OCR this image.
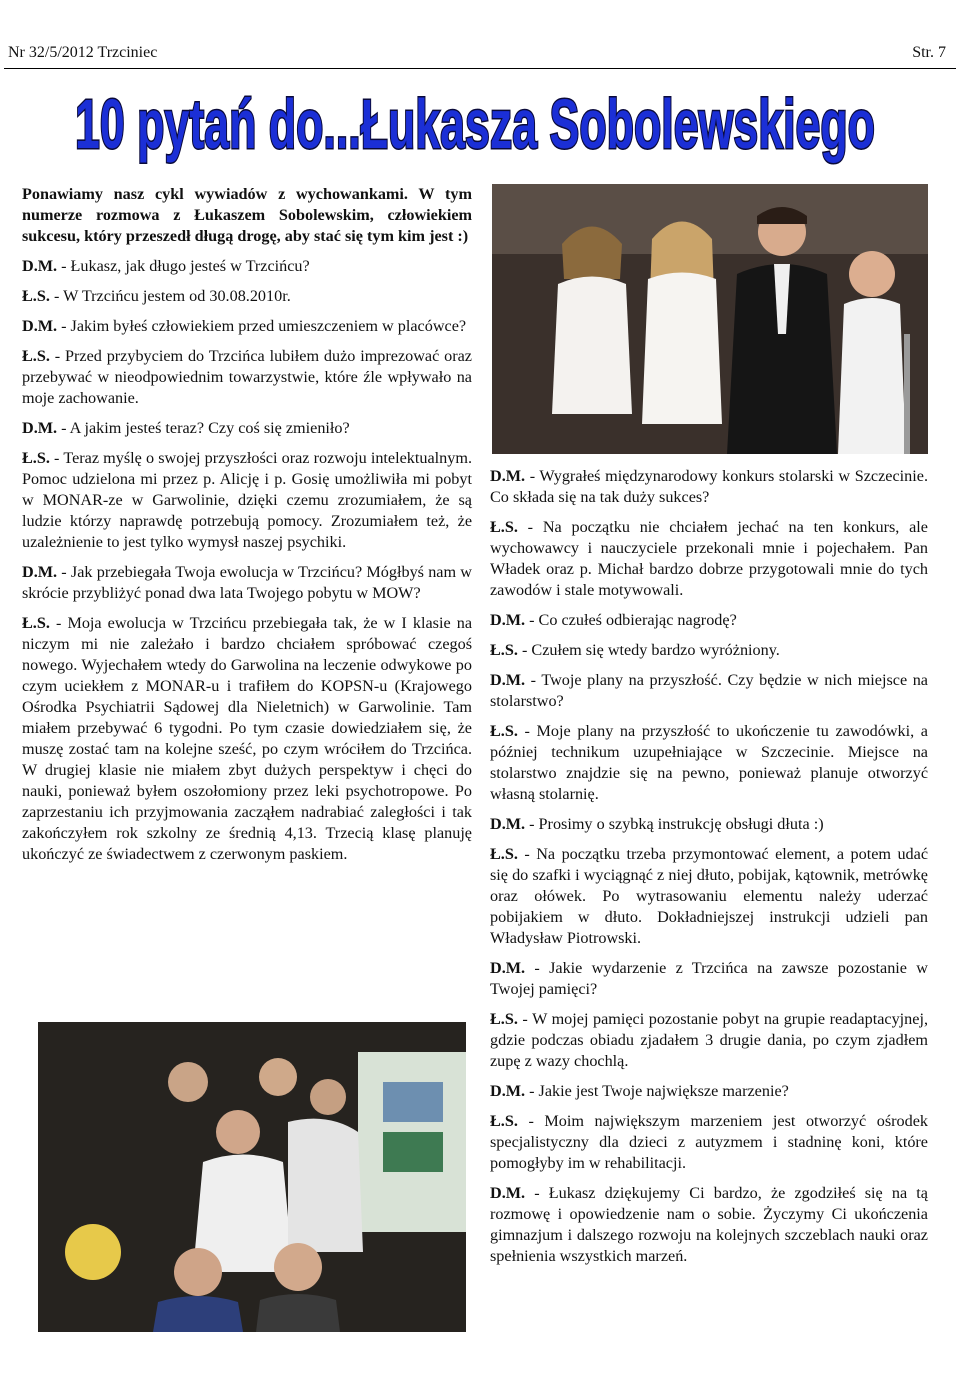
Nr 32/5/2012 Trzciniec	Str. 7
10 pytań do...Łukasza Sobolewskiego

Ponawiamy nasz cykl wywiadów z wychowankami. W tym numerze rozmowa z Łukaszem Sobolewskim, człowiekiem sukcesu, który przeszedł długą drogę, aby stać się tym kim jest :)

D.M. - Łukasz, jak długo jesteś w Trzcińcu?

Ł.S. - W Trzcińcu jestem od 30.08.2010r.

D.M. - Jakim byłeś człowiekiem przed umieszczeniem w placówce?

Ł.S. - Przed przybyciem do Trzcińca lubiłem dużo imprezować oraz przebywać w nieodpowiednim towarzystwie, które źle wpływało na moje zachowanie.

D.M. - A jakim jesteś teraz? Czy coś się zmieniło?

Ł.S. - Teraz myślę o swojej przyszłości oraz rozwoju intelektualnym. Pomoc udzielona mi przez p. Alicję i p. Gosię umożliwiła mi pobyt w MONAR-ze w Garwolinie, dzięki czemu zrozumiałem, że są ludzie którzy naprawdę potrzebują pomocy. Zrozumiałem też, że uzależnienie to jest tylko wymysł naszej psychiki.

D.M. - Jak przebiegała Twoja ewolucja w Trzcińcu? Mógłbyś nam w skrócie przybliżyć ponad dwa lata Twojego pobytu w MOW?

Ł.S. - Moja ewolucja w Trzcińcu przebiegała tak, że w I klasie na niczym mi nie zależało i bardzo chciałem spróbować czegoś nowego. Wyjechałem wtedy do Garwolina na leczenie odwykowe po czym uciekłem z MONAR-u i trafiłem do KOPSN-u (Krajowego Ośrodka Psychiatrii Sądowej dla Nieletnich) w Garwolinie. Tam miałem przebywać 6 tygodni. Po tym czasie dowiedziałem się, że muszę zostać tam na kolejne sześć, po czym wróciłem do Trzcińca. W drugiej klasie nie miałem zbyt dużych perspektyw i chęci do nauki, ponieważ byłem oszołomiony przez leki psychotropowe. Po zaprzestaniu ich przyjmowania zacząłem nadrabiać zaległości i tak zakończyłem rok szkolny ze średnią 4,13. Trzecią klasę planuję ukończyć ze świadectwem z czerwonym paskiem.

D.M. - Wygrałeś międzynarodowy konkurs stolarski w Szczecinie. Co składa się na tak duży sukces?

Ł.S. - Na początku nie chciałem jechać na ten konkurs, ale wychowawcy i nauczyciele przekonali mnie i pojechałem. Pan Władek oraz p. Michał bardzo dobrze przygotowali mnie do tych zawodów i stale motywowali.

D.M. - Co czułeś odbierając nagrodę?

Ł.S. - Czułem się wtedy bardzo wyróżniony.

D.M. - Twoje plany na przyszłość. Czy będzie w nich miejsce na stolarstwo?

Ł.S. - Moje plany na przyszłość to ukończenie tu zawodówki, a później technikum uzupełniające w Szczecinie. Miejsce na stolarstwo znajdzie się na pewno, ponieważ planuje otworzyć własną stolarnię.

D.M. - Prosimy o szybką instrukcję obsługi dłuta :)

Ł.S. - Na początku trzeba przymontować element, a potem udać się do szafki i wyciągnąć z niej dłuto, pobijak, kątownik, metrówkę oraz ołówek. Po wytrasowaniu elementu należy uderzać pobijakiem w dłuto. Dokładniejszej instrukcji udzieli pan Władysław Piotrowski.

D.M. - Jakie wydarzenie z Trzcińca na zawsze pozostanie w Twojej pamięci?

Ł.S. - W mojej pamięci pozostanie pobyt na grupie readaptacyjnej, gdzie podczas obiadu zjadałem 3 drugie dania, po czym zjadłem zupę z wazy chochlą.

D.M. - Jakie jest Twoje największe marzenie?

Ł.S. - Moim największym marzeniem jest otworzyć ośrodek specjalistyczny dla dzieci z autyzmem i stadninę koni, które pomogłyby im w rehabilitacji.

D.M. - Łukasz dziękujemy Ci bardzo, że zgodziłeś się na tą rozmowę i opowiedzenie nam o sobie. Życzymy Ci ukończenia gimnazjum i dalszego rozwoju na kolejnych szczeblach nauki oraz spełnienia wszystkich marzeń.
